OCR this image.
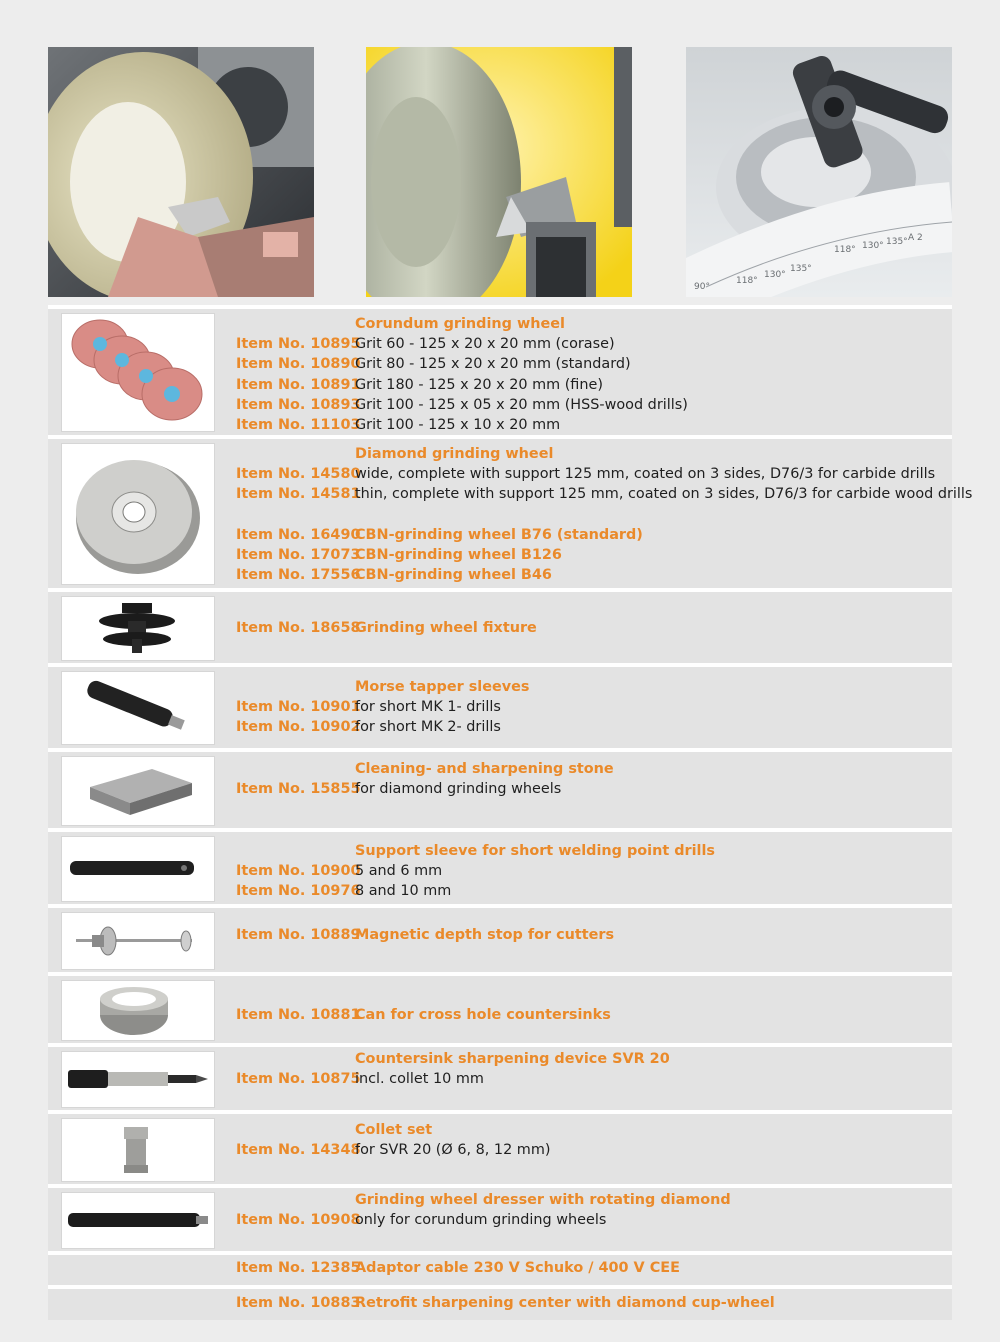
118° 130° 135° A 2
90°
118°
130°
135°
Corundum grinding wheel
Item No. 10895Grit 60 - 125 x 20 x 20 mm (corase)
Item No. 10890Grit 80 - 125 x 20 x 20 mm (standard)
Item No. 10891Grit 180 - 125 x 20 x 20 mm (fine)
Item No. 10893Grit 100 - 125 x 05 x 20 mm (HSS-wood drills)
Item No. 11103Grit 100 - 125 x 10 x 20 mm
Diamond grinding wheel
Item No. 14580wide, complete with support 125 mm, coated on 3 sides, D76/3 for carbide drills
Item No. 14581thin, complete with support 125 mm, coated on 3 sides, D76/3 for carbide wood drills
Item No. 16490CBN-grinding wheel B76 (standard)
Item No. 17073CBN-grinding wheel B126
Item No. 17556CBN-grinding wheel B46
Item No. 18658Grinding wheel fixture
Morse tapper sleeves
Item No. 10901for short MK 1- drills
Item No. 10902for short MK 2- drills
Cleaning- and sharpening stone
Item No. 15855for diamond grinding wheels
Support sleeve for short welding point drills
Item No. 109005 and 6 mm
Item No. 109768 and 10 mm
Item No. 10889Magnetic depth stop for cutters
Item No. 10881Can for cross hole countersinks
Countersink sharpening device SVR 20
Item No. 10875incl. collet 10 mm
Collet set
Item No. 14348for SVR 20 (Ø 6, 8, 12 mm)
Grinding wheel dresser with rotating diamond
Item No. 10908only for corundum grinding wheels
Item No. 12385Adaptor cable 230 V Schuko / 400 V CEE
Item No. 10883Retrofit sharpening center with diamond cup-wheel
